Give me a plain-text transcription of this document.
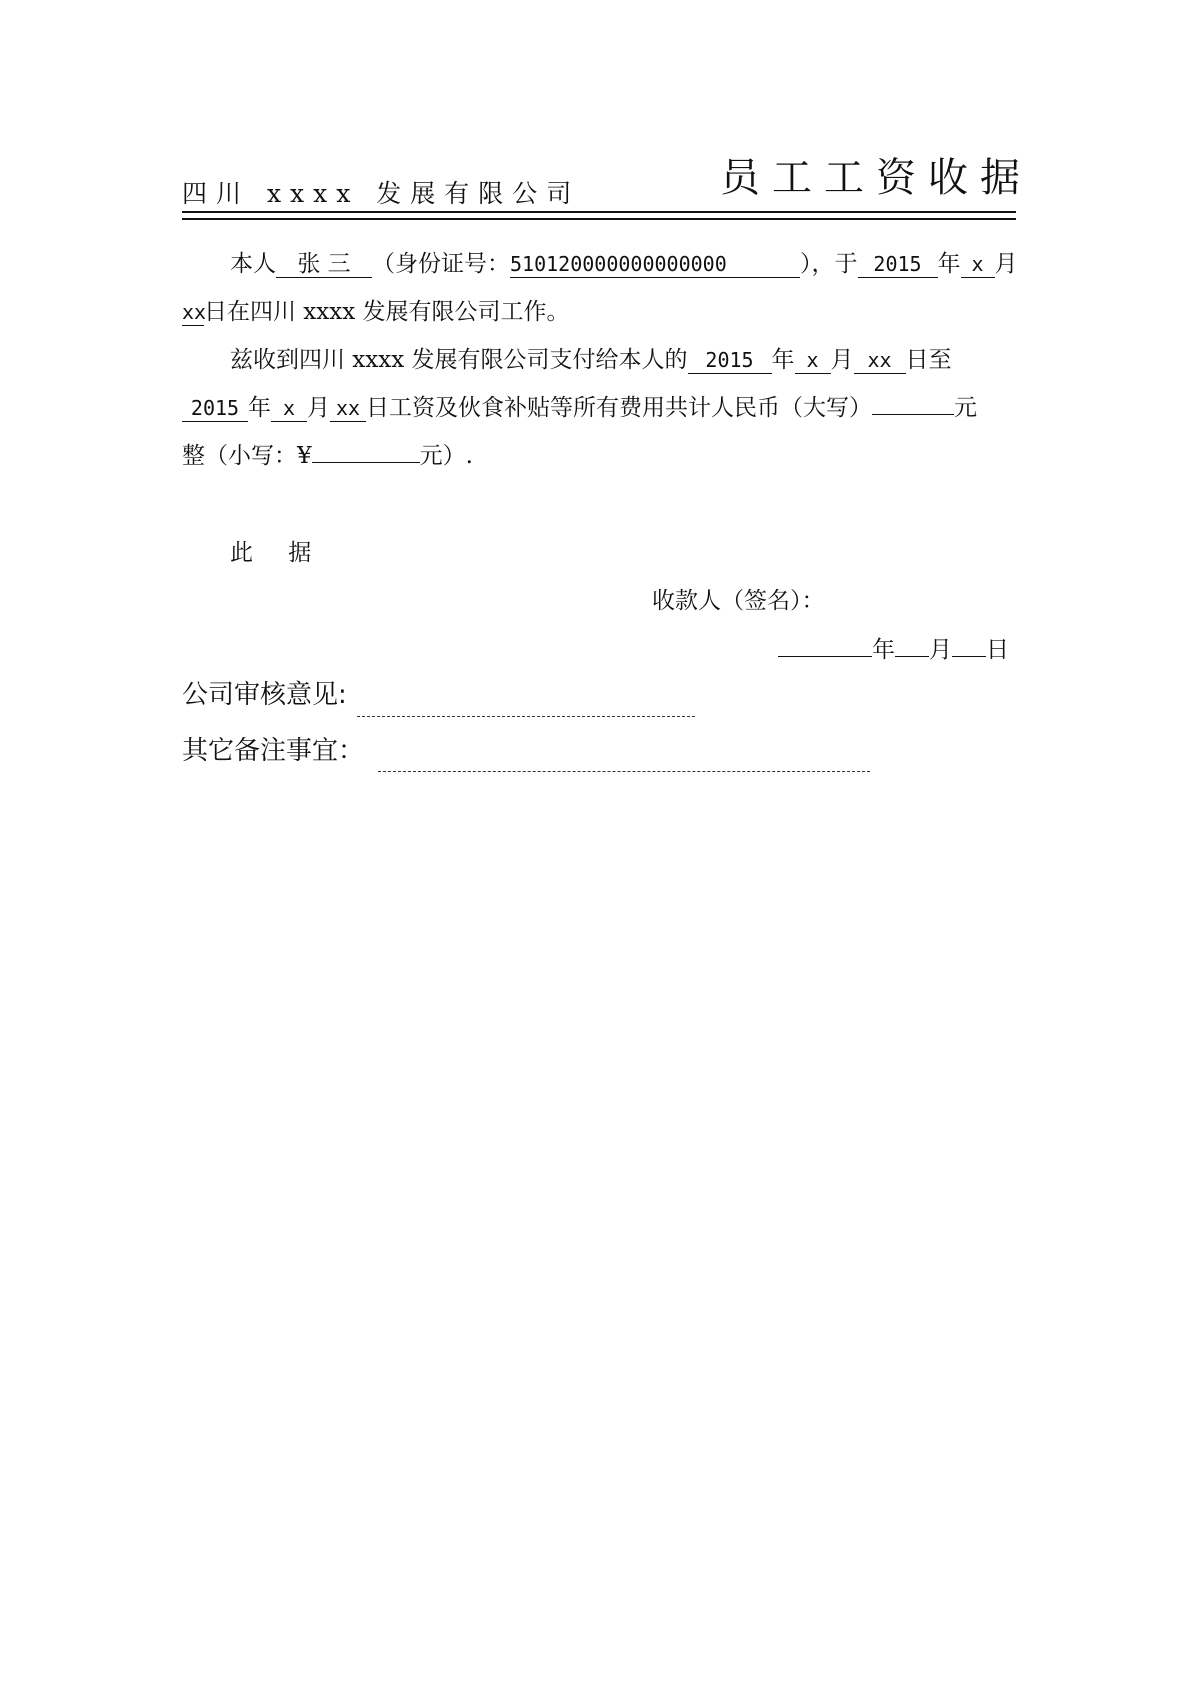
四川 xxxx 发展有限公司	员工工资收据
本人 张 三 （身份证号：510120000000000000	），于 2015 年 x 月
xx日在四川 xxxx 发展有限公司工作。
兹收到四川 xxxx 发展有限公司支付给本人的 2015 年 x 月 xx 日至
2015 年 x 月 xx 日工资及伙食补贴等所有费用共计人民币（大写）	元
整（小写：¥	元）.
此 据
收款人（签名）：
年 月 日
公司审核意见:
其它备注事宜：
